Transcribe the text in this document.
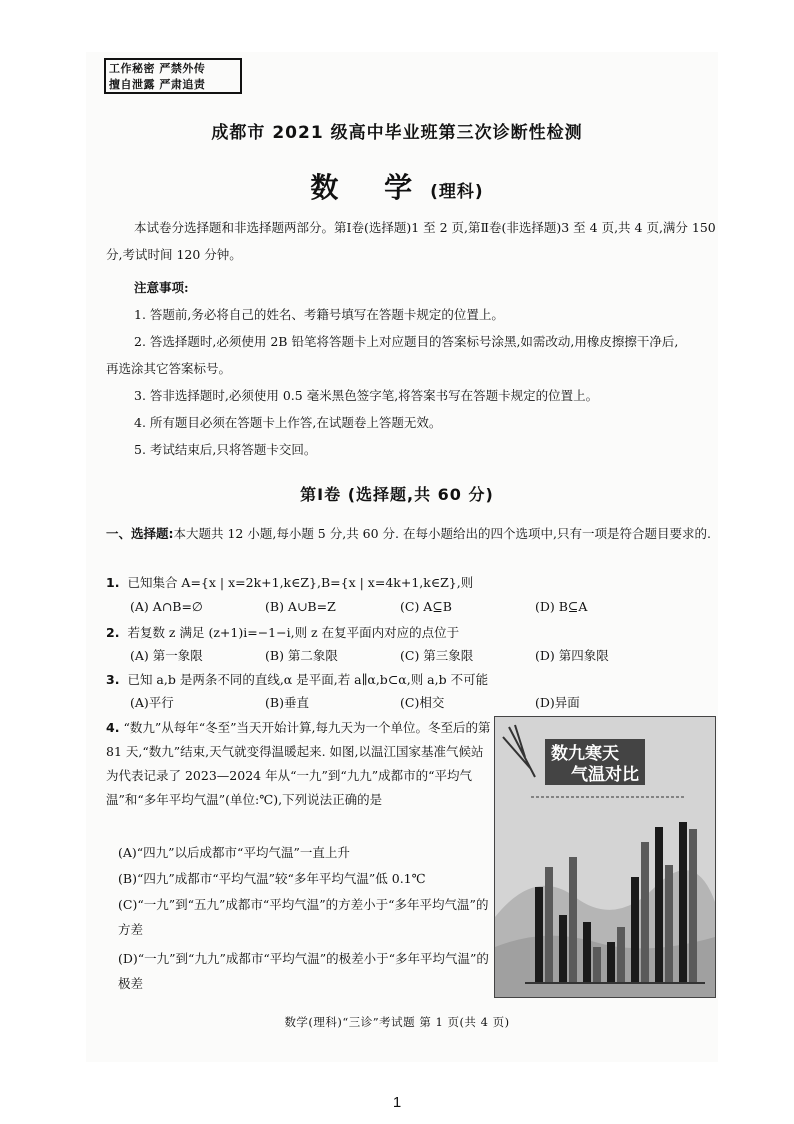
工作秘密 严禁外传
擅自泄露 严肃追责
成都市 2021 级高中毕业班第三次诊断性检测
数 学(理科)
本试卷分选择题和非选择题两部分。第Ⅰ卷(选择题)1 至 2 页,第Ⅱ卷(非选择题)3 至 4 页,共 4 页,满分 150 分,考试时间 120 分钟。
注意事项:
1. 答题前,务必将自己的姓名、考籍号填写在答题卡规定的位置上。
2. 答选择题时,必须使用 2B 铅笔将答题卡上对应题目的答案标号涂黑,如需改动,用橡皮擦擦干净后,再选涂其它答案标号。
3. 答非选择题时,必须使用 0.5 毫米黑色签字笔,将答案书写在答题卡规定的位置上。
4. 所有题目必须在答题卡上作答,在试题卷上答题无效。
5. 考试结束后,只将答题卡交回。
第Ⅰ卷 (选择题,共 60 分)
一、选择题:本大题共 12 小题,每小题 5 分,共 60 分. 在每小题给出的四个选项中,只有一项是符合题目要求的.
1. 已知集合 A={x | x=2k+1,k∈Z},B={x | x=4k+1,k∈Z},则
(A) A∩B=∅	(B) A∪B=Z	(C) A⊆B	(D) B⊆A
2. 若复数 z 满足 (z+1)i=−1−i,则 z 在复平面内对应的点位于
(A) 第一象限	(B) 第二象限	(C) 第三象限	(D) 第四象限
3. 已知 a,b 是两条不同的直线,α 是平面,若 a∥α,b⊂α,则 a,b 不可能
(A)平行	(B)垂直	(C)相交	(D)异面
4. “数九”从每年“冬至”当天开始计算,每九天为一个单位。冬至后的第 81 天,“数九”结束,天气就变得温暖起来. 如图,以温江国家基准气候站为代表记录了 2023—2024 年从“一九”到“九九”成都市的“平均气温”和“多年平均气温”(单位:℃),下列说法正确的是
(A)“四九”以后成都市“平均气温”一直上升
(B)“四九”成都市“平均气温”较“多年平均气温”低 0.1℃
(C)“一九”到“五九”成都市“平均气温”的方差小于“多年平均气温”的方差
(D)“一九”到“九九”成都市“平均气温”的极差小于“多年平均气温”的极差
数九寒天
气温对比
数学(理科)“三诊”考试题 第 1 页(共 4 页)
1
